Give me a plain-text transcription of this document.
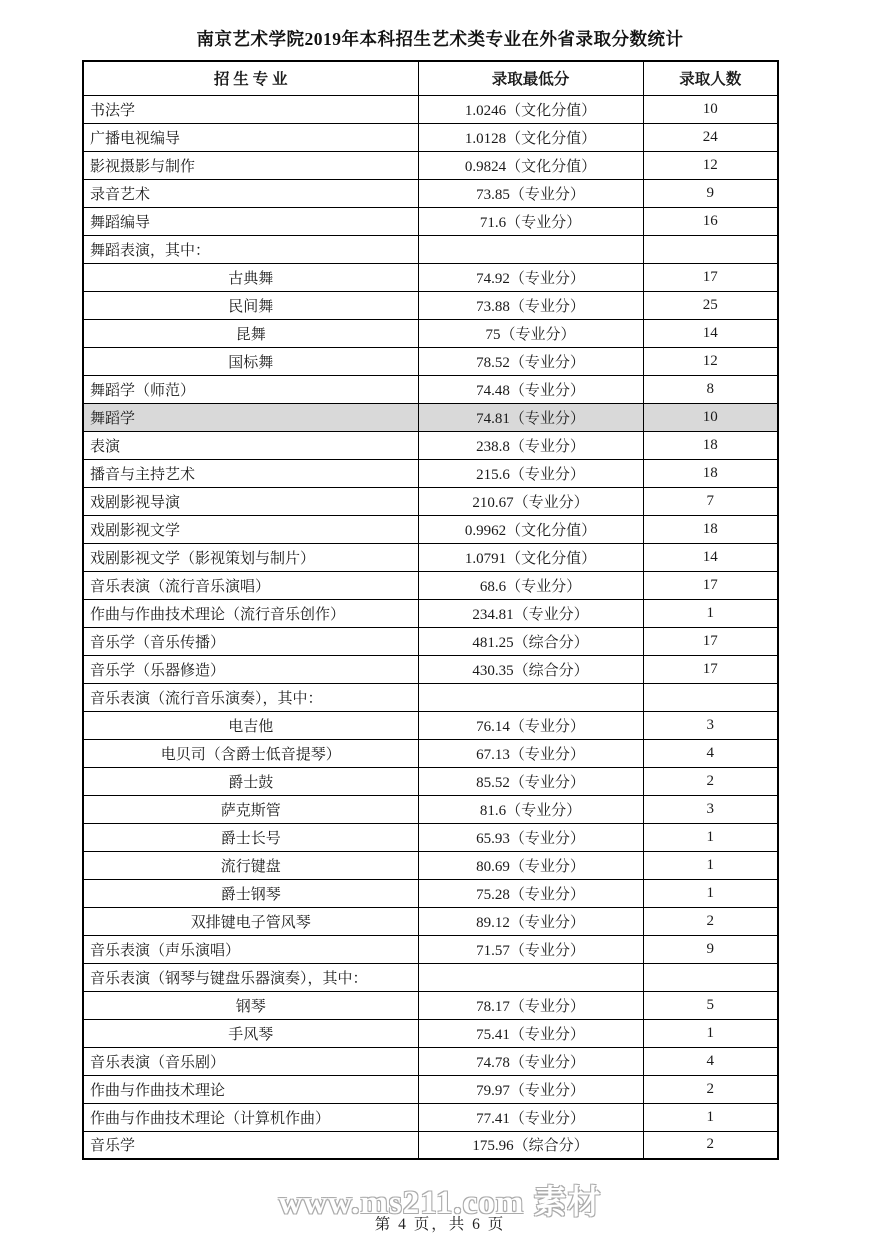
南京艺术学院2019年本科招生艺术类专业在外省录取分数统计
招 生 专 业	录取最低分	录取人数
书法学	1.0246（文化分值）	10
广播电视编导	1.0128（文化分值）	24
影视摄影与制作	0.9824（文化分值）	12
录音艺术	73.85（专业分）	9
舞蹈编导	71.6（专业分）	16
舞蹈表演，其中：		
古典舞	74.92（专业分）	17
民间舞	73.88（专业分）	25
昆舞	75（专业分）	14
国标舞	78.52（专业分）	12
舞蹈学（师范）	74.48（专业分）	8
舞蹈学	74.81（专业分）	10
表演	238.8（专业分）	18
播音与主持艺术	215.6（专业分）	18
戏剧影视导演	210.67（专业分）	7
戏剧影视文学	0.9962（文化分值）	18
戏剧影视文学（影视策划与制片）	1.0791（文化分值）	14
音乐表演（流行音乐演唱）	68.6（专业分）	17
作曲与作曲技术理论（流行音乐创作）	234.81（专业分）	1
音乐学（音乐传播）	481.25（综合分）	17
音乐学（乐器修造）	430.35（综合分）	17
音乐表演（流行音乐演奏），其中：		
电吉他	76.14（专业分）	3
电贝司（含爵士低音提琴）	67.13（专业分）	4
爵士鼓	85.52（专业分）	2
萨克斯管	81.6（专业分）	3
爵士长号	65.93（专业分）	1
流行键盘	80.69（专业分）	1
爵士钢琴	75.28（专业分）	1
双排键电子管风琴	89.12（专业分）	2
音乐表演（声乐演唱）	71.57（专业分）	9
音乐表演（钢琴与键盘乐器演奏），其中：		
钢琴	78.17（专业分）	5
手风琴	75.41（专业分）	1
音乐表演（音乐剧）	74.78（专业分）	4
作曲与作曲技术理论	79.97（专业分）	2
作曲与作曲技术理论（计算机作曲）	77.41（专业分）	1
音乐学	175.96（综合分）	2
www.ms211.com 素材
第 4 页，共 6 页
